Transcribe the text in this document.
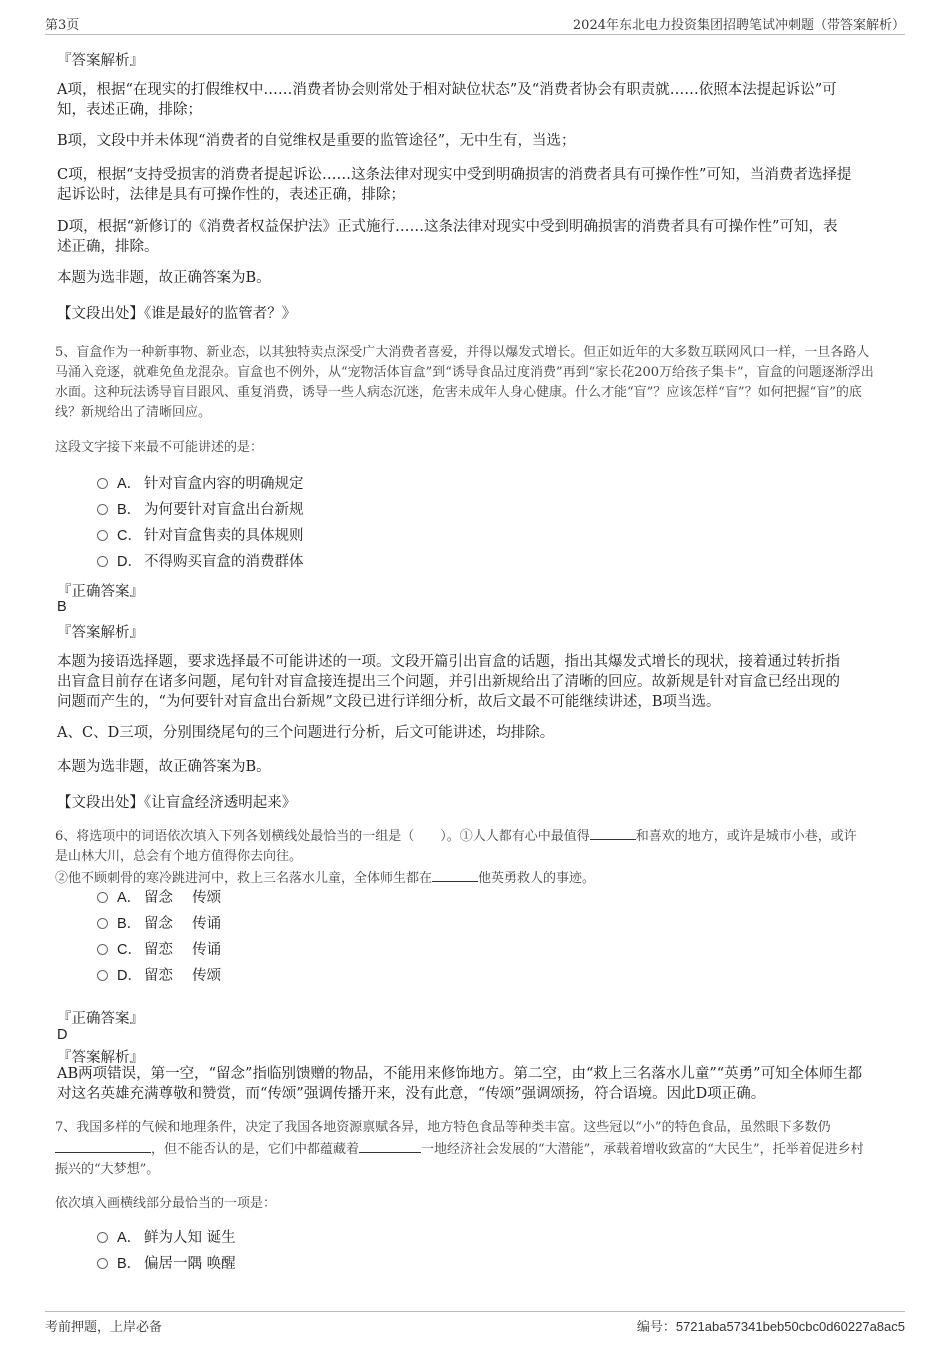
第3页	2024年东北电力投资集团招聘笔试冲刺题（带答案解析）
『答案解析』
A项，根据“在现实的打假维权中……消费者协会则常处于相对缺位状态”及“消费者协会有职责就……依照本法提起诉讼”可
知，表述正确，排除；
B项，文段中并未体现“消费者的自觉维权是重要的监管途径”，无中生有，当选；
C项，根据“支持受损害的消费者提起诉讼……这条法律对现实中受到明确损害的消费者具有可操作性”可知，当消费者选择提
起诉讼时，法律是具有可操作性的，表述正确，排除；
D项，根据“新修订的《消费者权益保护法》正式施行……这条法律对现实中受到明确损害的消费者具有可操作性”可知，表
述正确，排除。
本题为选非题，故正确答案为B。
【文段出处】《谁是最好的监管者？》
5、盲盒作为一种新事物、新业态，以其独特卖点深受广大消费者喜爱，并得以爆发式增长。但正如近年的大多数互联网风口一样，一旦各路人
马涌入竞逐，就难免鱼龙混杂。盲盒也不例外，从“宠物活体盲盒”到“诱导食品过度消费”再到“家长花200万给孩子集卡”，盲盒的问题逐渐浮出
水面。这种玩法诱导盲目跟风、重复消费，诱导一些人病态沉迷，危害未成年人身心健康。什么才能“盲”？应该怎样“盲”？如何把握“盲”的底
线？新规给出了清晰回应。
这段文字接下来最不可能讲述的是：
A． 针对盲盒内容的明确规定
B． 为何要针对盲盒出台新规
C． 针对盲盒售卖的具体规则
D． 不得购买盲盒的消费群体
『正确答案』
B
『答案解析』
本题为接语选择题，要求选择最不可能讲述的一项。文段开篇引出盲盒的话题，指出其爆发式增长的现状，接着通过转折指
出盲盒目前存在诸多问题，尾句针对盲盒接连提出三个问题，并引出新规给出了清晰的回应。故新规是针对盲盒已经出现的
问题而产生的，“为何要针对盲盒出台新规”文段已进行详细分析，故后文最不可能继续讲述，B项当选。
A、C、D三项，分别围绕尾句的三个问题进行分析，后文可能讲述，均排除。
本题为选非题，故正确答案为B。
【文段出处】《让盲盒经济透明起来》
6、将选项中的词语依次填入下列各划横线处最恰当的一组是（　　）。①人人都有心中最值得	和喜欢的地方，或许是城市小巷，或许
是山林大川，总会有个地方值得你去向往。
②他不顾刺骨的寒冷跳进河中，救上三名落水儿童，全体师生都在	他英勇救人的事迹。
A． 留念　 传颂
B． 留念　 传诵
C． 留恋　 传诵
D． 留恋　 传颂
『正确答案』
D
『答案解析』
AB两项错误，第一空，“留念”指临别馈赠的物品，不能用来修饰地方。第二空，由“救上三名落水儿童”“英勇”可知全体师生都
对这名英雄充满尊敬和赞赏，而“传颂”强调传播开来，没有此意，“传颂”强调颂扬，符合语境。因此D项正确。
7、我国多样的气候和地理条件，决定了我国各地资源禀赋各异，地方特色食品等种类丰富。这些冠以“小”的特色食品，虽然眼下多数仍
，但不能否认的是，它们中都蕴藏着	一地经济社会发展的“大潜能”，承载着增收致富的“大民生”，托举着促进乡村
振兴的“大梦想”。
依次填入画横线部分最恰当的一项是：
A． 鲜为人知 诞生
B． 偏居一隅 唤醒
考前押题，上岸必备	编号：5721aba57341beb50cbc0d60227a8ac5
